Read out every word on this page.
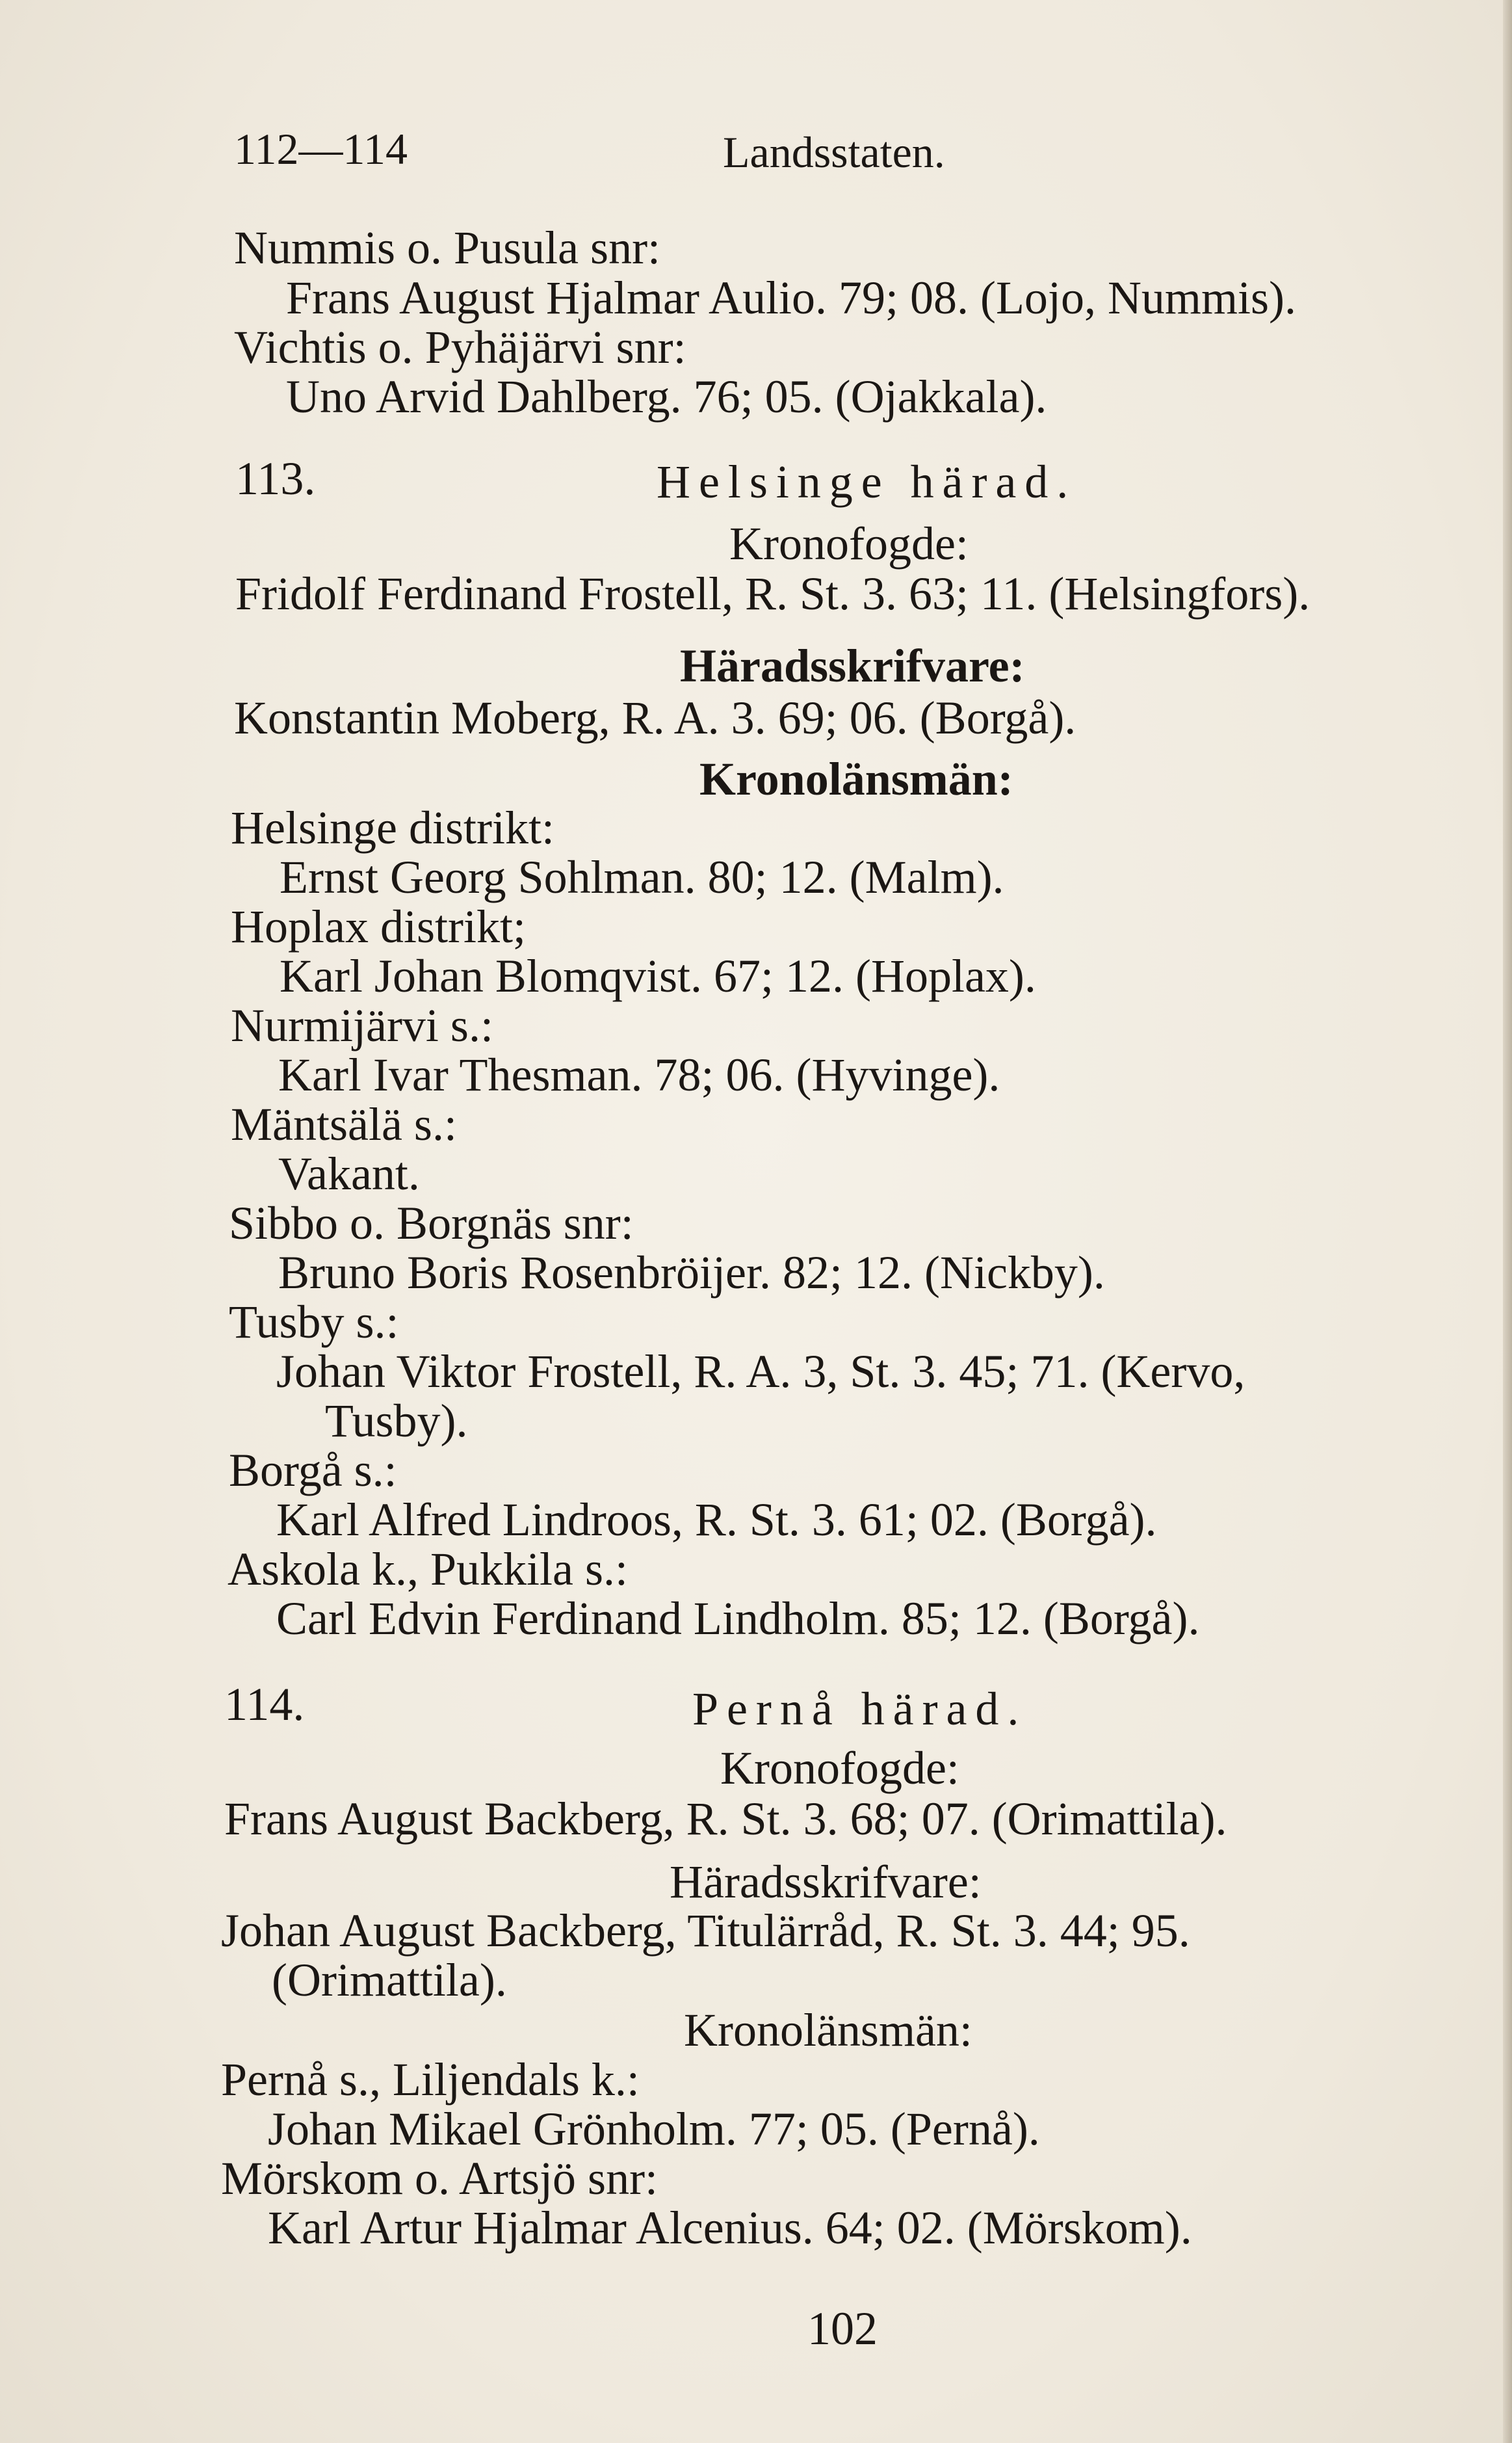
112—114	Landsstaten.
Nummis o. Pusula snr:
Frans August Hjalmar Aulio. 79; 08. (Lojo, Nummis).
Vichtis o. Pyhäjärvi snr:
Uno Arvid Dahlberg. 76; 05. (Ojakkala).
113.	Helsinge härad.
Kronofogde:
Fridolf Ferdinand Frostell, R. St. 3. 63; 11. (Helsingfors).
Häradsskrifvare:
Konstantin Moberg, R. A. 3. 69; 06. (Borgå).
Kronolänsmän:
Helsinge distrikt:
Ernst Georg Sohlman. 80; 12. (Malm).
Hoplax distrikt;
Karl Johan Blomqvist. 67; 12. (Hoplax).
Nurmijärvi s.:
Karl Ivar Thesman. 78; 06. (Hyvinge).
Mäntsälä s.:
Vakant.
Sibbo o. Borgnäs snr:
Bruno Boris Rosenbröijer. 82; 12. (Nickby).
Tusby s.:
Johan Viktor Frostell, R. A. 3, St. 3. 45; 71. (Kervo,
Tusby).
Borgå s.:
Karl Alfred Lindroos, R. St. 3. 61; 02. (Borgå).
Askola k., Pukkila s.:
Carl Edvin Ferdinand Lindholm. 85; 12. (Borgå).
114.	Pernå härad.
Kronofogde:
Frans August Backberg, R. St. 3. 68; 07. (Orimattila).
Häradsskrifvare:
Johan August Backberg, Titulärråd, R. St. 3. 44; 95.
(Orimattila).
Kronolänsmän:
Pernå s., Liljendals k.:
Johan Mikael Grönholm. 77; 05. (Pernå).
Mörskom o. Artsjö snr:
Karl Artur Hjalmar Alcenius. 64; 02. (Mörskom).
102
